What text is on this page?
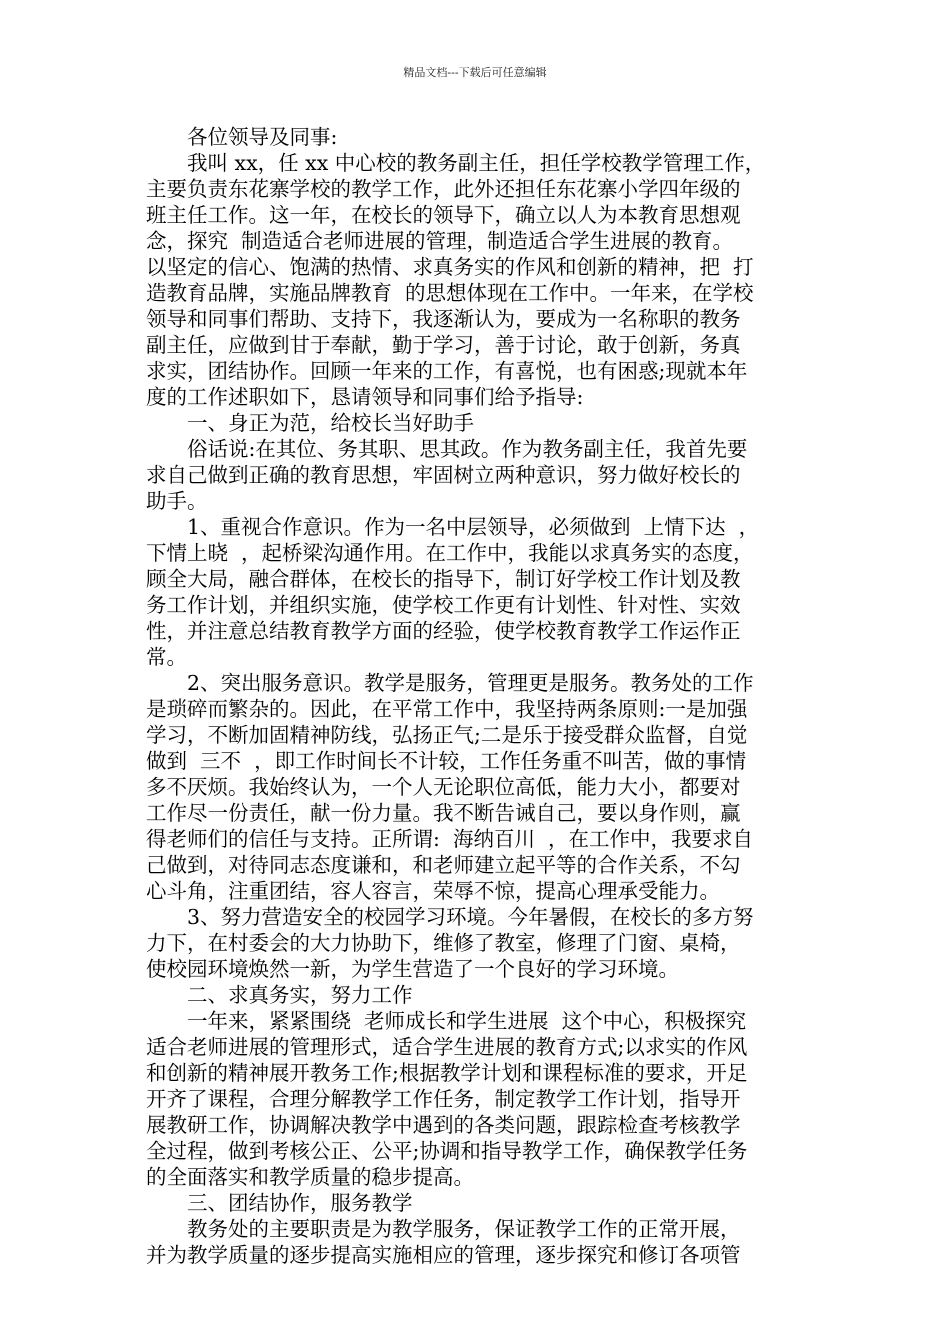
精品文档---下载后可任意编辑
　　各位领导及同事:
　　我叫 xx，任 xx 中心校的教务副主任，担任学校教学管理工作，
主要负责东花寨学校的教学工作，此外还担任东花寨小学四年级的
班主任工作。这一年，在校长的领导下，确立以人为本教育思想观
念，探究  制造适合老师进展的管理，制造适合学生进展的教育。
以坚定的信心、饱满的热情、求真务实的作风和创新的精神，把  打
造教育品牌，实施品牌教育  的思想体现在工作中。一年来，在学校
领导和同事们帮助、支持下，我逐渐认为，要成为一名称职的教务
副主任，应做到甘于奉献，勤于学习，善于讨论，敢于创新，务真
求实，团结协作。回顾一年来的工作，有喜悦，也有困惑;现就本年
度的工作述职如下，恳请领导和同事们给予指导:
　　一、身正为范，给校长当好助手
　　俗话说:在其位、务其职、思其政。作为教务副主任，我首先要
求自己做到正确的教育思想，牢固树立两种意识，努力做好校长的
助手。
　　1、重视合作意识。作为一名中层领导，必须做到  上情下达  ，
下情上晓  ，起桥梁沟通作用。在工作中，我能以求真务实的态度，
顾全大局，融合群体，在校长的指导下，制订好学校工作计划及教
务工作计划，并组织实施，使学校工作更有计划性、针对性、实效
性，并注意总结教育教学方面的经验，使学校教育教学工作运作正
常。
　　2、突出服务意识。教学是服务，管理更是服务。教务处的工作
是琐碎而繁杂的。因此，在平常工作中，我坚持两条原则:一是加强
学习，不断加固精神防线，弘扬正气;二是乐于接受群众监督，自觉
做到  三不  ，即工作时间长不计较，工作任务重不叫苦，做的事情
多不厌烦。我始终认为，一个人无论职位高低，能力大小，都要对
工作尽一份责任，献一份力量。我不断告诫自己，要以身作则，赢
得老师们的信任与支持。正所谓:  海纳百川  ，在工作中，我要求自
己做到，对待同志态度谦和，和老师建立起平等的合作关系，不勾
心斗角，注重团结，容人容言，荣辱不惊，提高心理承受能力。
　　3、努力营造安全的校园学习环境。今年暑假，在校长的多方努
力下，在村委会的大力协助下，维修了教室，修理了门窗、桌椅，
使校园环境焕然一新，为学生营造了一个良好的学习环境。
　　二、求真务实，努力工作
　　一年来，紧紧围绕  老师成长和学生进展  这个中心，积极探究
适合老师进展的管理形式，适合学生进展的教育方式;以求实的作风
和创新的精神展开教务工作;根据教学计划和课程标准的要求，开足
开齐了课程，合理分解教学工作任务，制定教学工作计划，指导开
展教研工作，协调解决教学中遇到的各类问题，跟踪检查考核教学
全过程，做到考核公正、公平;协调和指导教学工作，确保教学任务
的全面落实和教学质量的稳步提高。
　　三、团结协作，服务教学
　　教务处的主要职责是为教学服务，保证教学工作的正常开展，
并为教学质量的逐步提高实施相应的管理，逐步探究和修订各项管
